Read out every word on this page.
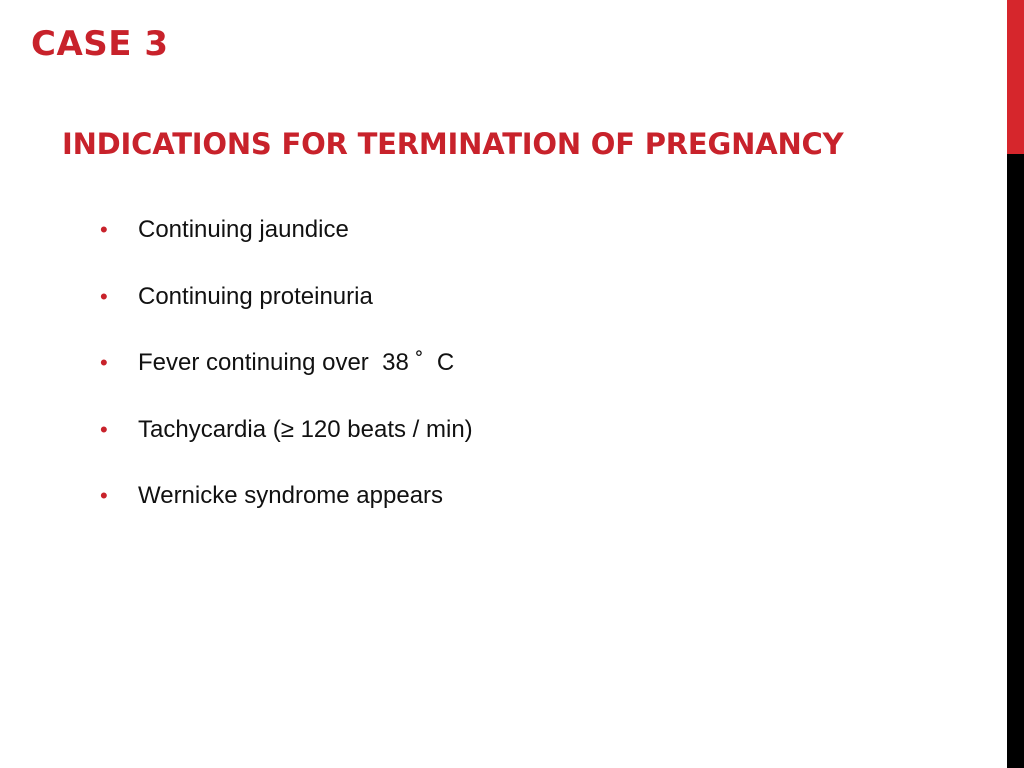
CASE 3
INDICATIONS FOR TERMINATION OF PREGNANCY
•	Continuing jaundice
•	Continuing proteinuria
•	Fever continuing over  38 ˚  C
•	Tachycardia (≥ 120 beats / min)
•	Wernicke syndrome appears
